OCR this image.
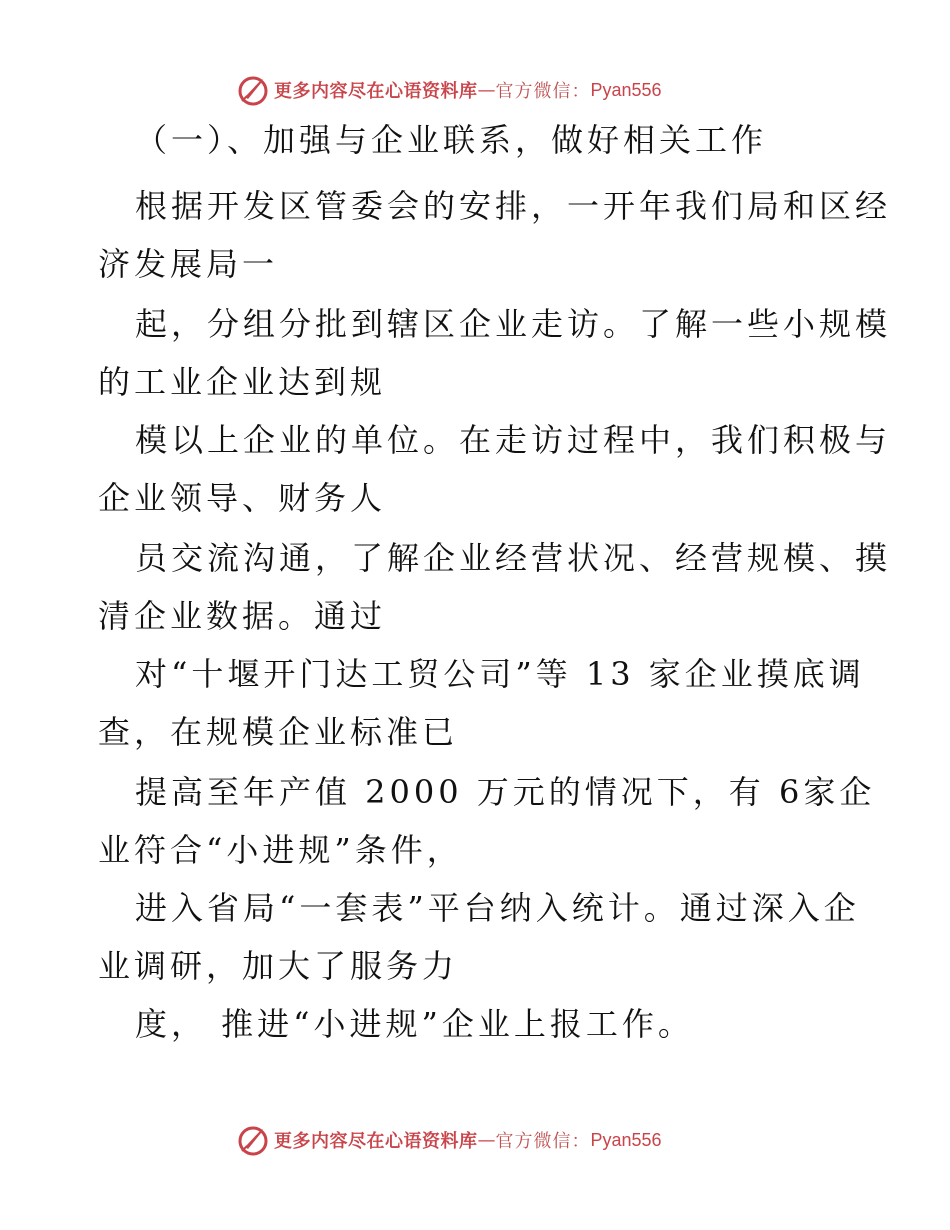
更多内容尽在心语资料库 — 官方微信： Pyan556
（一）、加强与企业联系，做好相关工作
根据开发区管委会的安排，一开年我们局和区经
济发展局一
起，分组分批到辖区企业走访。了解一些小规模
的工业企业达到规
模以上企业的单位。在走访过程中，我们积极与
企业领导、财务人
员交流沟通，了解企业经营状况、经营规模、摸
清企业数据。通过
对“十堰开门达工贸公司”等 13 家企业摸底调
查，在规模企业标准已
提高至年产值 2000 万元的情况下，有 6家企
业符合“小进规”条件，
进入省局“一套表”平台纳入统计。通过深入企
业调研，加大了服务力
度， 推进“小进规”企业上报工作。
更多内容尽在心语资料库 — 官方微信： Pyan556
